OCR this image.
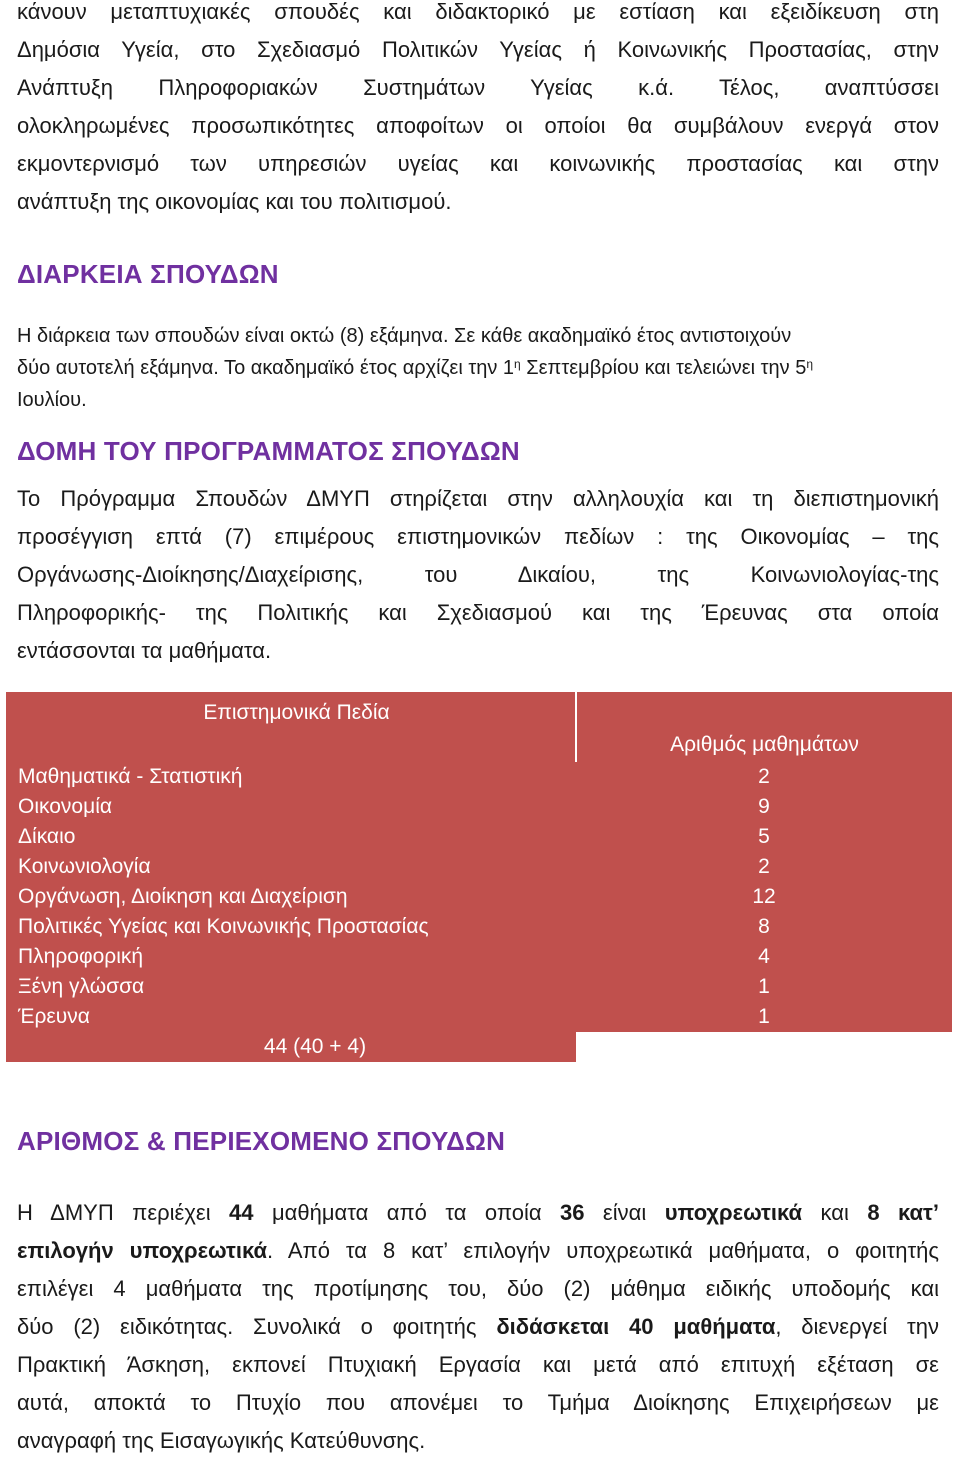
κάνουν μεταπτυχιακές σπουδές και διδακτορικό με εστίαση και εξειδίκευση στη
Δημόσια Υγεία, στο Σχεδιασμό Πολιτικών Υγείας ή Κοινωνικής Προστασίας, στην
Ανάπτυξη Πληροφοριακών Συστημάτων Υγείας κ.ά. Τέλος, αναπτύσσει
ολοκληρωμένες προσωπικότητες αποφοίτων οι οποίοι θα συμβάλουν ενεργά στον
εκμοντερνισμό των υπηρεσιών υγείας και κοινωνικής προστασίας και στην
ανάπτυξη της οικονομίας και του πολιτισμού.
ΔΙΑΡΚΕΙΑ ΣΠΟΥΔΩΝ
Η διάρκεια των σπουδών είναι οκτώ (8) εξάμηνα. Σε κάθε ακαδημαϊκό έτος αντιστοιχούν
δύο αυτοτελή εξάμηνα. Το ακαδημαϊκό έτος αρχίζει την $1^\eta$ Σεπτεμβρίου και τελειώνει την $5^\eta$
Ιουλίου.
ΔΟΜΗ ΤΟΥ ΠΡΟΓΡΑΜΜΑΤΟΣ ΣΠΟΥΔΩΝ
Το Πρόγραμμα Σπουδών ΔΜΥΠ στηρίζεται στην αλληλουχία και τη διεπιστημονική
προσέγγιση επτά (7) επιμέρους επιστημονικών πεδίων : της Οικονομίας – της
Οργάνωσης-Διοίκησης/Διαχείρισης, του Δικαίου, της Κοινωνιολογίας-της
Πληροφορικής- της Πολιτικής και Σχεδιασμού και της Έρευνας στα οποία
εντάσσονται τα μαθήματα.
Επιστημονικά Πεδία	Αριθμός μαθημάτων
Μαθηματικά - Στατιστική	2
Οικονομία	9
Δίκαιο	5
Κοινωνιολογία	2
Οργάνωση, Διοίκηση και Διαχείριση	12
Πολιτικές Υγείας και Κοινωνικής Προστασίας	8
Πληροφορική	4
Ξένη γλώσσα	1
Έρευνα	1
44 (40 + 4)	
ΑΡΙΘΜΟΣ & ΠΕΡΙΕΧΟΜΕΝΟ ΣΠΟΥΔΩΝ
Η ΔΜΥΠ περιέχει 44 μαθήματα από τα οποία 36 είναι υποχρεωτικά και 8 κατ’
επιλογήν υποχρεωτικά. Από τα 8 κατ’ επιλογήν υποχρεωτικά μαθήματα, ο φοιτητής
επιλέγει 4 μαθήματα της προτίμησης του, δύο (2) μάθημα ειδικής υποδομής και
δύο (2) ειδικότητας. Συνολικά ο φοιτητής διδάσκεται 40 μαθήματα, διενεργεί την
Πρακτική Άσκηση, εκπονεί Πτυχιακή Εργασία και μετά από επιτυχή εξέταση σε
αυτά, αποκτά το Πτυχίο που απονέμει το Τμήμα Διοίκησης Επιχειρήσεων με
αναγραφή της Εισαγωγικής Κατεύθυνσης.
